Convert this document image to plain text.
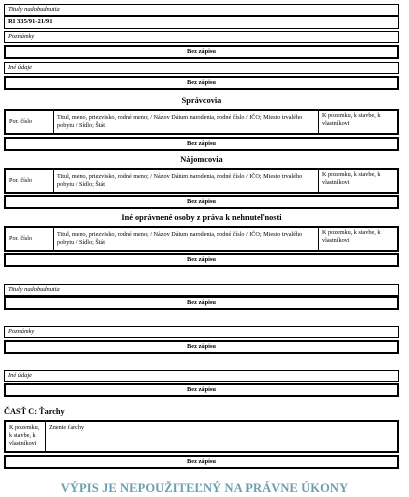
Tituly nadobudnutia
RI 335/91-21/91
Poznámky
Bez zápisu
Iné údaje
Bez zápisu
Správcovia
Por. číslo
Titul, meno, priezvisko, rodné meno; / Názov Dátum narodenia, rodné číslo / IČO; Miesto trvalého pobytu / Sídlo; Štát
K pozemku, k stavbe, k vlastníkovi
Bez zápisu
Nájomcovia
Por. číslo
Titul, meno, priezvisko, rodné meno; / Názov Dátum narodenia, rodné číslo / IČO; Miesto trvalého pobytu / Sídlo; Štát
K pozemku, k stavbe, k vlastníkovi
Bez zápisu
Iné oprávnené osoby z práva k nehnuteľnosti
Por. číslo
Titul, meno, priezvisko, rodné meno; / Názov Dátum narodenia, rodné číslo / IČO; Miesto trvalého pobytu / Sídlo; Štát
K pozemku, k stavbe, k vlastníkovi
Bez zápisu
Tituly nadobudnutia
Bez zápisu
Poznámky
Bez zápisu
Iné údaje
Bez zápisu
ČASŤ C: Ťarchy
K pozemku, k stavbe, k vlastníkovi
Znenie ťarchy
Bez zápisu
VÝPIS JE NEPOUŽITEĽNÝ NA PRÁVNE ÚKONY
